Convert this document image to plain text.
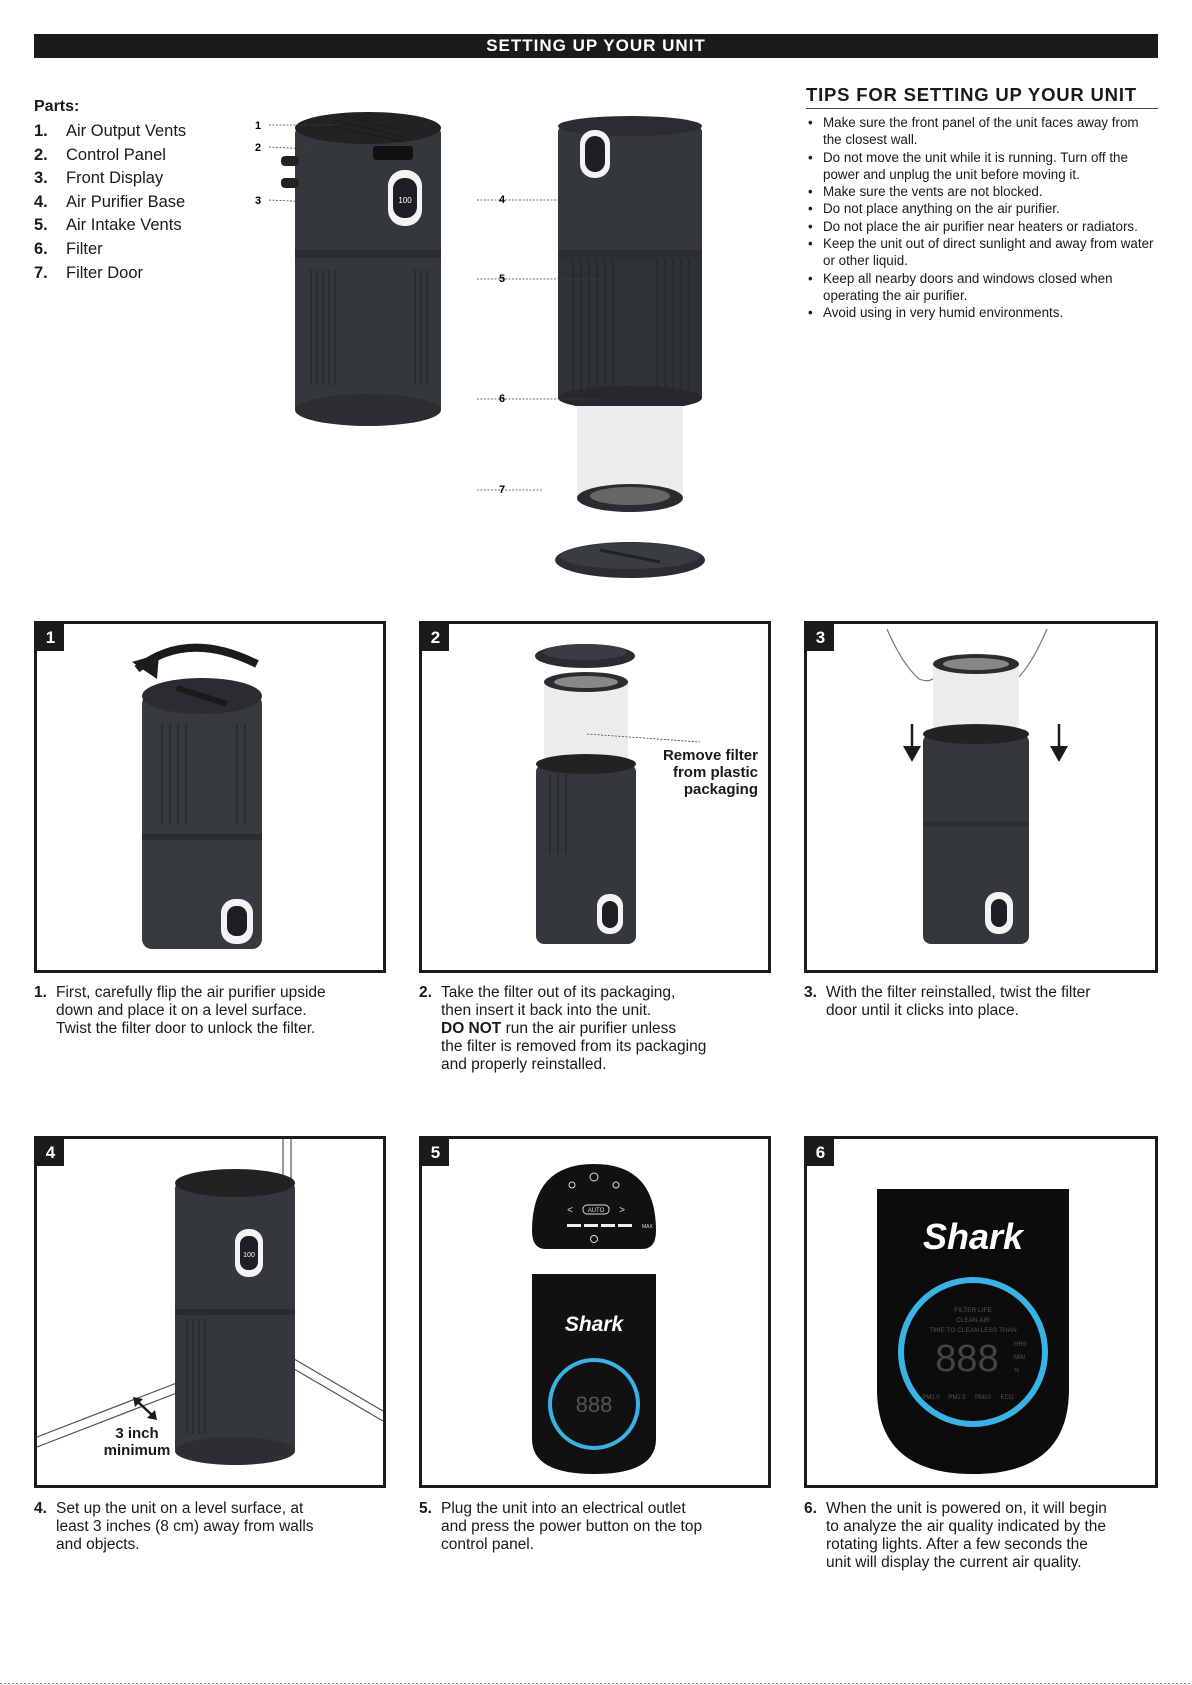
SETTING UP YOUR UNIT
Parts:
1. Air Output Vents
2. Control Panel
3. Front Display
4. Air Purifier Base
5. Air Intake Vents
6. Filter
7. Filter Door
100
1
2
3	4
5
6
7
TIPS FOR SETTING UP YOUR UNIT
• Make sure the front panel of the unit faces away from the closest wall.
• Do not move the unit while it is running. Turn off the power and unplug the unit before moving it.
• Make sure the vents are not blocked.
• Do not place anything on the air purifier.
• Do not place the air purifier near heaters or radiators.
• Keep the unit out of direct sunlight and away from water or other liquid.
• Keep all nearby doors and windows closed when operating the air purifier.
• Avoid using in very humid environments.
1	2
Remove filter
from plastic
packaging
3
1. First, carefully flip the air purifier upside
down and place it on a level surface.
Twist the filter door to unlock the filter.
2. Take the filter out of its packaging,
then insert it back into the unit.
DO NOT run the air purifier unless
the filter is removed from its packaging
and properly reinstalled.
3. With the filter reinstalled, twist the filter
door until it clicks into place.
4
100
3 inch
minimum
5
AUTO
<	>
MAX
Shark
888
6
Shark
FILTER LIFE
CLEAN AIR
TIME TO CLEAN LESS THAN
888	HRS
MIN
%
PM1.0 PM2.5 PM10 ECO
4. Set up the unit on a level surface, at
least 3 inches (8 cm) away from walls
and objects.
5. Plug the unit into an electrical outlet
and press the power button on the top
control panel.
6. When the unit is powered on, it will begin
to analyze the air quality indicated by the
rotating lights. After a few seconds the
unit will display the current air quality.
